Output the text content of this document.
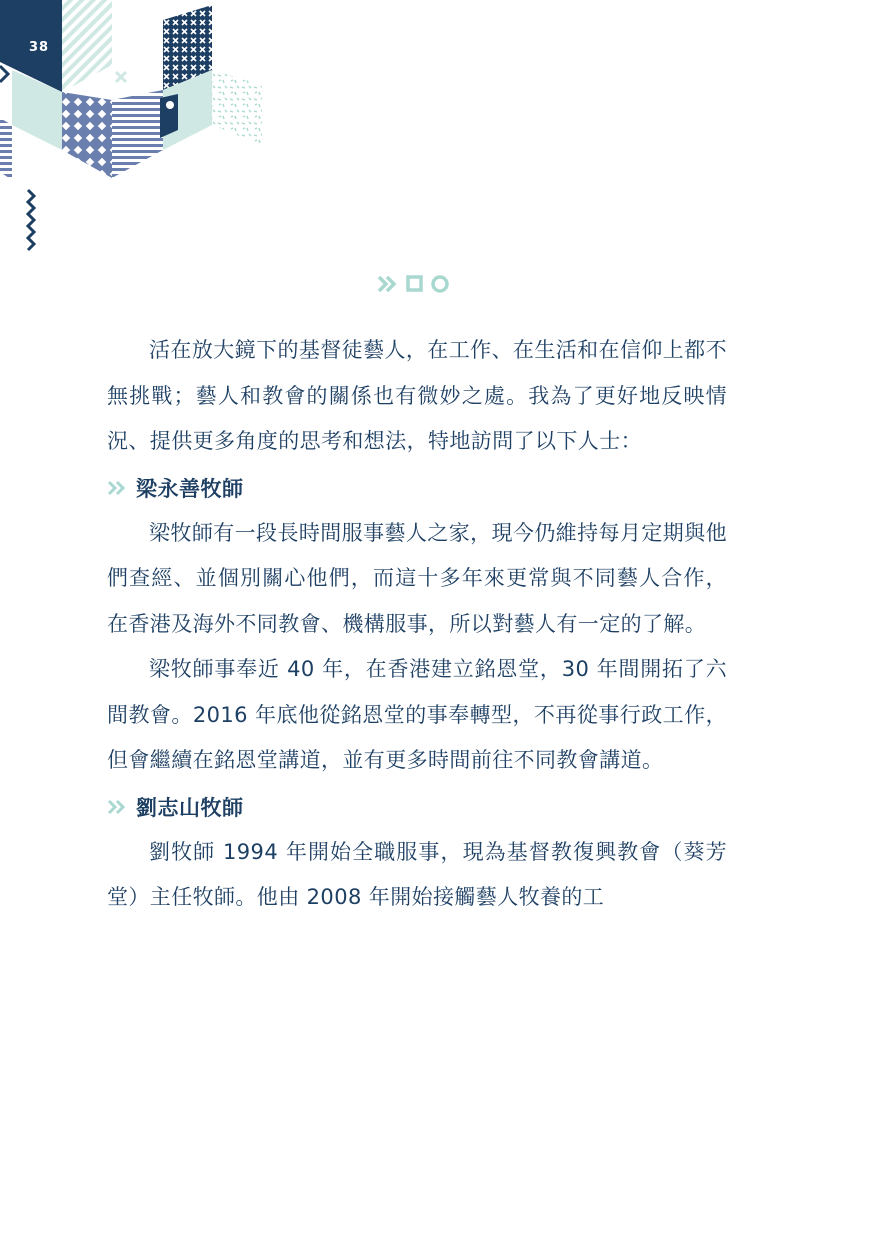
38

活在放大鏡下的基督徒藝人，在工作、在生活和在信仰上都不無挑戰；藝人和教會的關係也有微妙之處。我為了更好地反映情況、提供更多角度的思考和想法，特地訪問了以下人士：

梁永善牧師

梁牧師有一段長時間服事藝人之家，現今仍維持每月定期與他們查經、並個別關心他們，而這十多年來更常與不同藝人合作，在香港及海外不同教會、機構服事，所以對藝人有一定的了解。

梁牧師事奉近 40 年，在香港建立銘恩堂，30 年間開拓了六間教會。2016 年底他從銘恩堂的事奉轉型，不再從事行政工作，但會繼續在銘恩堂講道，並有更多時間前往不同教會講道。

劉志山牧師

劉牧師 1994 年開始全職服事，現為基督教復興教會（葵芳堂）主任牧師。他由 2008 年開始接觸藝人牧養的工
